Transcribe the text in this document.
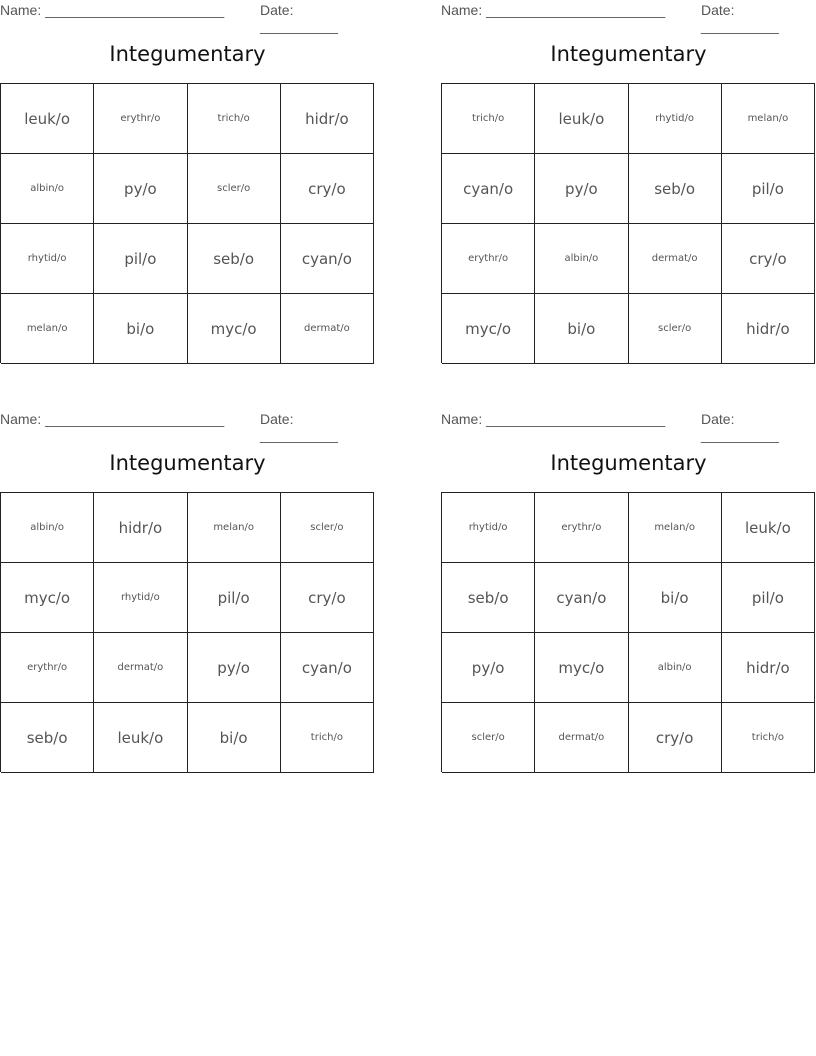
Name: _______________________	Date: __________
Integumentary
leuk/o	erythr/o	trich/o	hidr/o
albin/o	py/o	scler/o	cry/o
rhytid/o	pil/o	seb/o	cyan/o
melan/o	bi/o	myc/o	dermat/o
Name: _______________________	Date: __________
Integumentary
trich/o	leuk/o	rhytid/o	melan/o
cyan/o	py/o	seb/o	pil/o
erythr/o	albin/o	dermat/o	cry/o
myc/o	bi/o	scler/o	hidr/o
Name: _______________________	Date: __________
Integumentary
albin/o	hidr/o	melan/o	scler/o
myc/o	rhytid/o	pil/o	cry/o
erythr/o	dermat/o	py/o	cyan/o
seb/o	leuk/o	bi/o	trich/o
Name: _______________________	Date: __________
Integumentary
rhytid/o	erythr/o	melan/o	leuk/o
seb/o	cyan/o	bi/o	pil/o
py/o	myc/o	albin/o	hidr/o
scler/o	dermat/o	cry/o	trich/o
